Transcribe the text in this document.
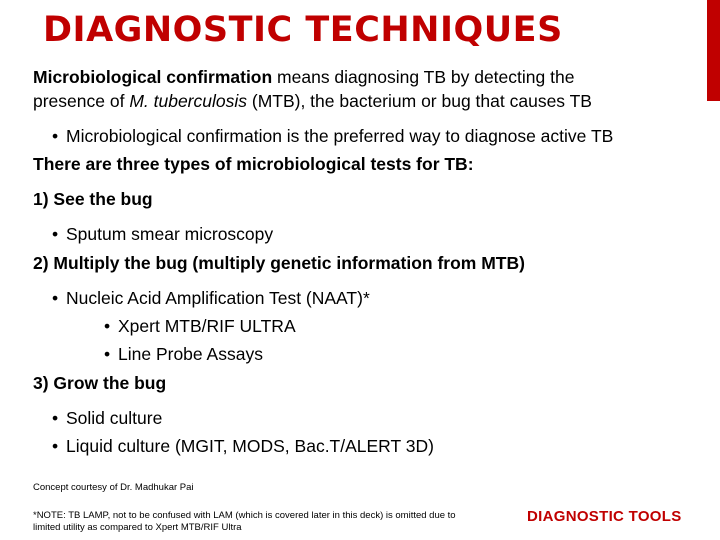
DIAGNOSTIC TECHNIQUES
Microbiological confirmation means diagnosing TB by detecting the
presence of M. tuberculosis (MTB), the bacterium or bug that causes TB
• Microbiological confirmation is the preferred way to diagnose active TB
There are three types of microbiological tests for TB:
1) See the bug
• Sputum smear microscopy
2) Multiply the bug (multiply genetic information from MTB)
• Nucleic Acid Amplification Test (NAAT)*
• Xpert MTB/RIF ULTRA
• Line Probe Assays
3) Grow the bug
• Solid culture
• Liquid culture (MGIT, MODS, Bac.T/ALERT 3D)
Concept courtesy of Dr. Madhukar Pai
*NOTE: TB LAMP, not to be confused with LAM (which is covered later in this deck) is omitted due to
limited utility as compared to Xpert MTB/RIF Ultra
DIAGNOSTIC TOOLS
